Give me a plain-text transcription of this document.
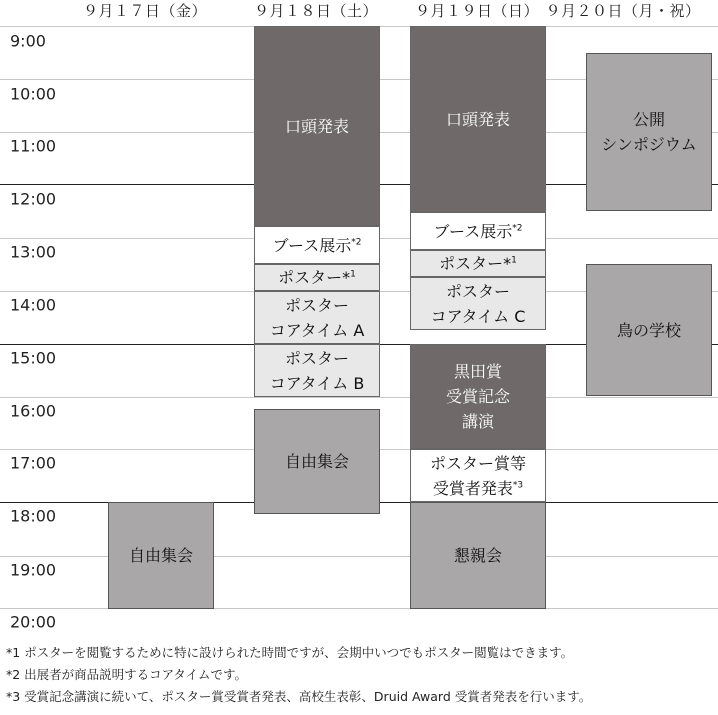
９月１７日（金）	９月１８日（土）	９月１９日（日） ９月２０日（月・祝）
9:00
10:00
11:00
12:00
13:00
14:00
15:00
16:00
17:00
18:00
19:00
20:00
口頭発表
ブース展示$^{*2}$
ポスター*$^1$
ポスター
コアタイム A
ポスター
コアタイム B
自由集会
自由集会
口頭発表
ブース展示$^{*2}$
ポスター*$^1$
ポスター
コアタイム C
黒田賞
受賞記念
講演
ポスター賞等
受賞者発表$^{*3}$
懇親会
公開
シンポジウム
鳥の学校
*1 ポスターを閲覧するために特に設けられた時間ですが、会期中いつでもポスター閲覧はできます。
*2 出展者が商品説明するコアタイムです。
*3 受賞記念講演に続いて、ポスター賞受賞者発表、高校生表彰、Druid Award 受賞者発表を行います。
